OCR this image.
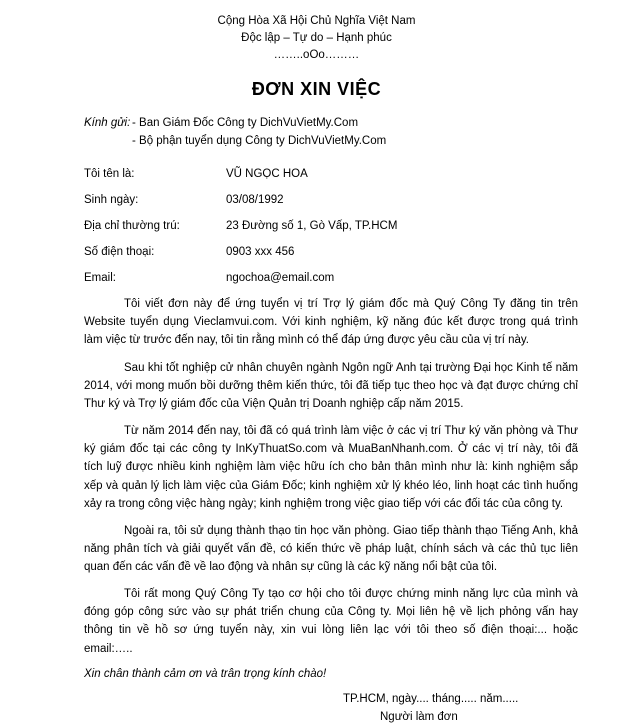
Cộng Hòa Xã Hội Chủ Nghĩa Việt Nam
Độc lập – Tự do – Hạnh phúc
……..oOo………
ĐƠN XIN VIỆC
Kính gửi: - Ban Giám Đốc Công ty DichVuVietMy.Com
- Bộ phận tuyển dụng Công ty DichVuVietMy.Com
Tôi tên là:	VŨ NGỌC HOA
Sinh ngày:	03/08/1992
Địa chỉ thường trú:	23 Đường số 1, Gò Vấp, TP.HCM
Số điện thoại:	0903 xxx 456
Email:	ngochoa@email.com
Tôi viết đơn này để ứng tuyển vị trí Trợ lý giám đốc mà Quý Công Ty đăng tin trên
Website tuyển dụng Vieclamvui.com. Với kinh nghiệm, kỹ năng đúc kết được trong quá trình
làm việc từ trước đến nay, tôi tin rằng mình có thể đáp ứng được yêu cầu của vị trí này.
Sau khi tốt nghiệp cử nhân chuyên ngành Ngôn ngữ Anh tại trường Đại học Kinh tế năm
2014, với mong muốn bồi dưỡng thêm kiến thức, tôi đã tiếp tục theo học và đạt được chứng chỉ
Thư ký và Trợ lý giám đốc của Viện Quản trị Doanh nghiệp cấp năm 2015.
Từ năm 2014 đến nay, tôi đã có quá trình làm việc ở các vị trí Thư ký văn phòng và Thư
ký giám đốc tại các công ty InKyThuatSo.com và MuaBanNhanh.com. Ở các vị trí này, tôi đã
tích luỹ được nhiều kinh nghiệm làm việc hữu ích cho bản thân mình như là: kinh nghiệm sắp
xếp và quản lý lịch làm việc của Giám Đốc; kinh nghiệm xử lý khéo léo, linh hoạt các tình huống
xảy ra trong công việc hàng ngày; kinh nghiệm trong việc giao tiếp với các đối tác của công ty.
Ngoài ra, tôi sử dụng thành thạo tin học văn phòng. Giao tiếp thành thạo Tiếng Anh, khả
năng phân tích và giải quyết vấn đề, có kiến thức về pháp luật, chính sách và các thủ tục liên
quan đến các vấn đề về lao động và nhân sự cũng là các kỹ năng nổi bật của tôi.
Tôi rất mong Quý Công Ty tạo cơ hội cho tôi được chứng minh năng lực của mình và
đóng góp công sức vào sự phát triển chung của Công ty. Mọi liên hệ về lịch phỏng vấn hay
thông tin về hồ sơ ứng tuyển này, xin vui lòng liên lạc với tôi theo số điện thoại:... hoặc
email:…..
Xin chân thành cảm ơn và trân trọng kính chào!
TP.HCM, ngày.... tháng..... năm.....
Người làm đơn
